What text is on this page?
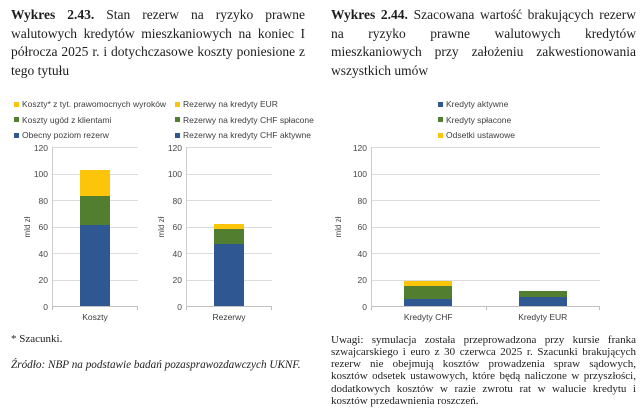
Wykres 2.43. Stan rezerw na ryzyko prawne walutowych kredytów mieszkaniowych na koniec I półrocza 2025 r. i dotychczasowe koszty poniesione z tego tytułu
Wykres 2.44. Szacowana wartość brakujących rezerw na ryzyko prawne walutowych kredytów mieszkaniowych przy założeniu zakwestionowania wszystkich umów
Koszty* z tyt. prawomocnych wyroków
Koszty ugód z klientami
Obecny poziom rezerw
Rezerwy na kredyty EUR
Rezerwy na kredyty CHF spłacone
Rezerwy na kredyty CHF aktywne
Kredyty aktywne
Kredyty spłacone
Odsetki ustawowe
mld zł	mld zł	mld zł
0
20
40
60
80
100
120
Koszty
0
20
40
60
80
100
120
Rezerwy
0
20
40
60
80
100
120
Kredyty CHF	Kredyty EUR
* Szacunki.
Źródło: NBP na podstawie badań pozasprawozdawczych UKNF.
Uwagi: symulacja została przeprowadzona przy kursie franka szwajcarskiego i euro z 30 czerwca 2025 r. Szacunki brakujących rezerw nie obejmują kosztów prowadzenia spraw sądowych, kosztów odsetek ustawowych, które będą naliczone w przyszłości, dodatkowych kosztów w razie zwrotu rat w walucie kredytu i kosztów przedawnienia roszczeń.
